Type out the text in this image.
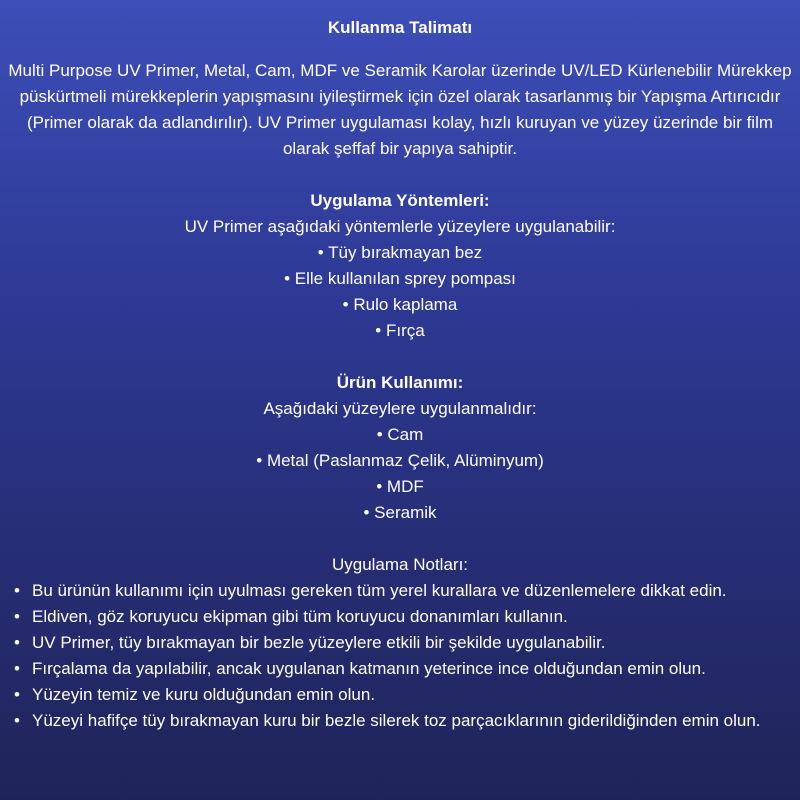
Kullanma Talimatı

Multi Purpose UV Primer, Metal, Cam, MDF ve Seramik Karolar üzerinde UV/LED Kürlenebilir Mürekkep püskürtmeli mürekkeplerin yapışmasını iyileştirmek için özel olarak tasarlanmış bir Yapışma Artırıcıdır (Primer olarak da adlandırılır). UV Primer uygulaması kolay, hızlı kuruyan ve yüzey üzerinde bir film olarak şeffaf bir yapıya sahiptir.

Uygulama Yöntemleri:

UV Primer aşağıdaki yöntemlerle yüzeylere uygulanabilir:

• Tüy bırakmayan bez
• Elle kullanılan sprey pompası
• Rulo kaplama
• Fırça

Ürün Kullanımı:

Aşağıdaki yüzeylere uygulanmalıdır:

• Cam
• Metal (Paslanmaz Çelik, Alüminyum)
• MDF
• Seramik

Uygulama Notları:

• Bu ürünün kullanımı için uyulması gereken tüm yerel kurallara ve düzenlemelere dikkat edin.
• Eldiven, göz koruyucu ekipman gibi tüm koruyucu donanımları kullanın.
• UV Primer, tüy bırakmayan bir bezle yüzeylere etkili bir şekilde uygulanabilir.
• Fırçalama da yapılabilir, ancak uygulanan katmanın yeterince ince olduğundan emin olun.
• Yüzeyin temiz ve kuru olduğundan emin olun.
• Yüzeyi hafifçe tüy bırakmayan kuru bir bezle silerek toz parçacıklarının giderildiğinden emin olun.
